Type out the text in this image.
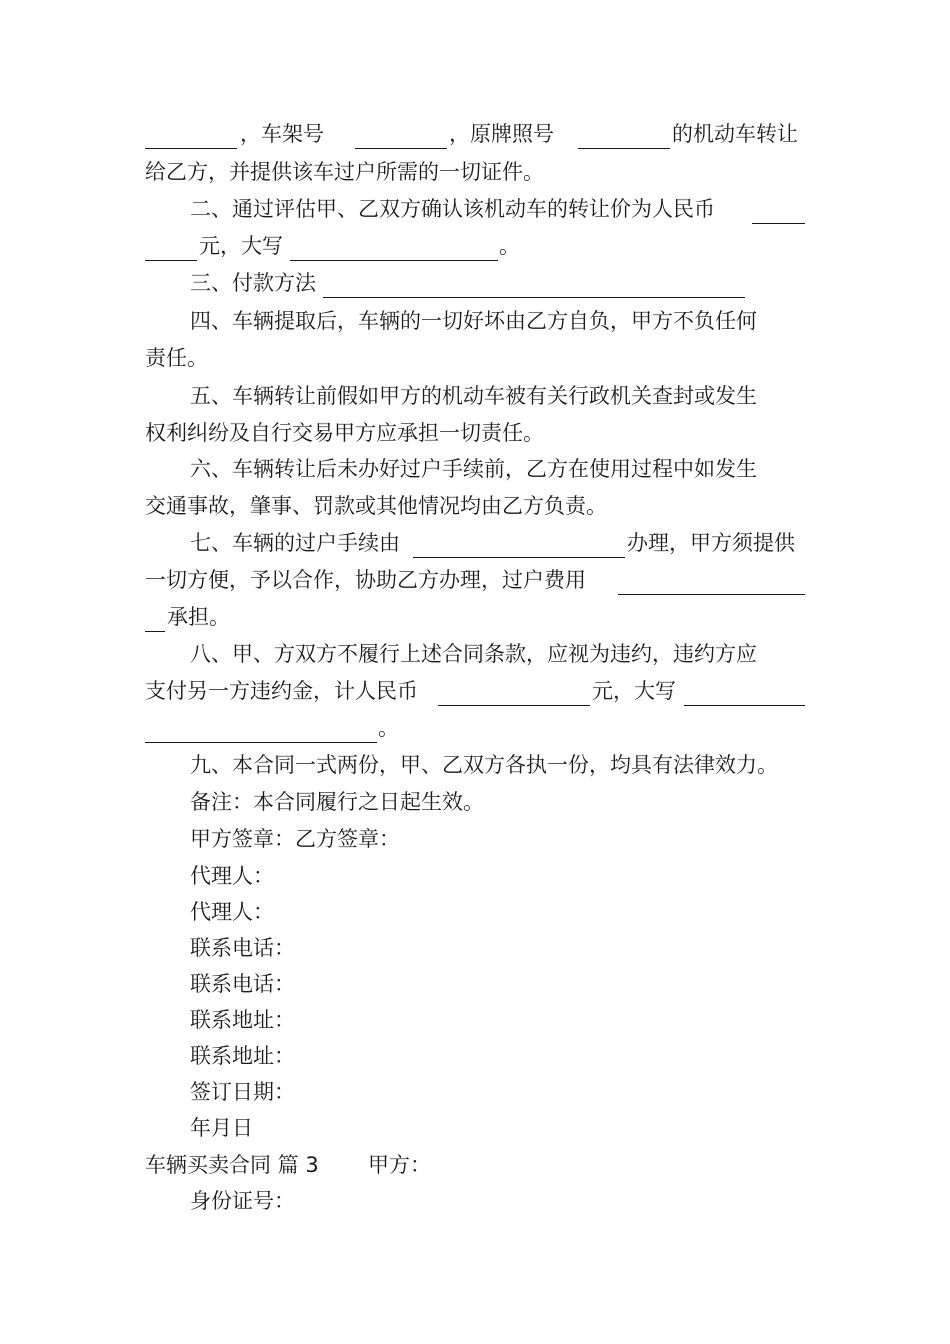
，车架号	，原牌照号	的机动车转让
给乙方，并提供该车过户所需的一切证件。
二、通过评估甲、乙双方确认该机动车的转让价为人民币
元，大写	。
三、付款方法
四、车辆提取后，车辆的一切好坏由乙方自负，甲方不负任何
责任。
五、车辆转让前假如甲方的机动车被有关行政机关查封或发生
权利纠纷及自行交易甲方应承担一切责任。
六、车辆转让后未办好过户手续前，乙方在使用过程中如发生
交通事故，肇事、罚款或其他情况均由乙方负责。
七、车辆的过户手续由	办理，甲方须提供
一切方便，予以合作，协助乙方办理，过户费用
承担。
八、甲、方双方不履行上述合同条款，应视为违约，违约方应
支付另一方违约金，计人民币	元，大写
。
九、本合同一式两份，甲、乙双方各执一份，均具有法律效力。
备注：本合同履行之日起生效。
甲方签章：乙方签章：
代理人：
代理人：
联系电话：
联系电话：
联系地址：
联系地址：
签订日期：
年月日
车辆买卖合同 篇 3 甲方：
身份证号：
